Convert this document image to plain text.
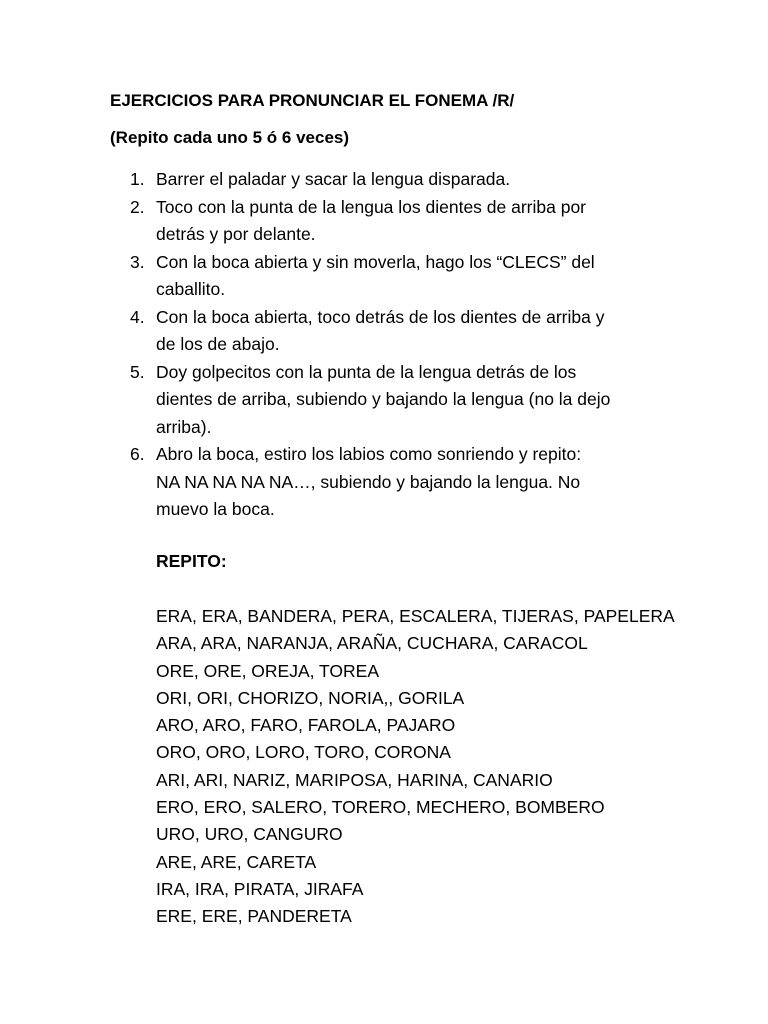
EJERCICIOS PARA PRONUNCIAR EL FONEMA /R/
(Repito cada uno 5 ó 6 veces)
1. Barrer el paladar y sacar la lengua disparada.
2. Toco con la punta de la lengua los dientes de arriba por
detrás y por delante.
3. Con la boca abierta y sin moverla, hago los “CLECS” del
caballito.
4. Con la boca abierta, toco detrás de los dientes de arriba y
de los de abajo.
5. Doy golpecitos con la punta de la lengua detrás de los
dientes de arriba, subiendo y bajando la lengua (no la dejo
arriba).
6. Abro la boca, estiro los labios como sonriendo y repito:
NA NA NA NA NA…, subiendo y bajando la lengua. No
muevo la boca.
REPITO:
ERA, ERA, BANDERA, PERA, ESCALERA, TIJERAS, PAPELERA
ARA, ARA, NARANJA, ARAÑA, CUCHARA, CARACOL
ORE, ORE, OREJA, TOREA
ORI, ORI, CHORIZO, NORIA,, GORILA
ARO, ARO, FARO, FAROLA, PAJARO
ORO, ORO, LORO, TORO, CORONA
ARI, ARI, NARIZ, MARIPOSA, HARINA, CANARIO
ERO, ERO, SALERO, TORERO, MECHERO, BOMBERO
URO, URO, CANGURO
ARE, ARE, CARETA
IRA, IRA, PIRATA, JIRAFA
ERE, ERE, PANDERETA
